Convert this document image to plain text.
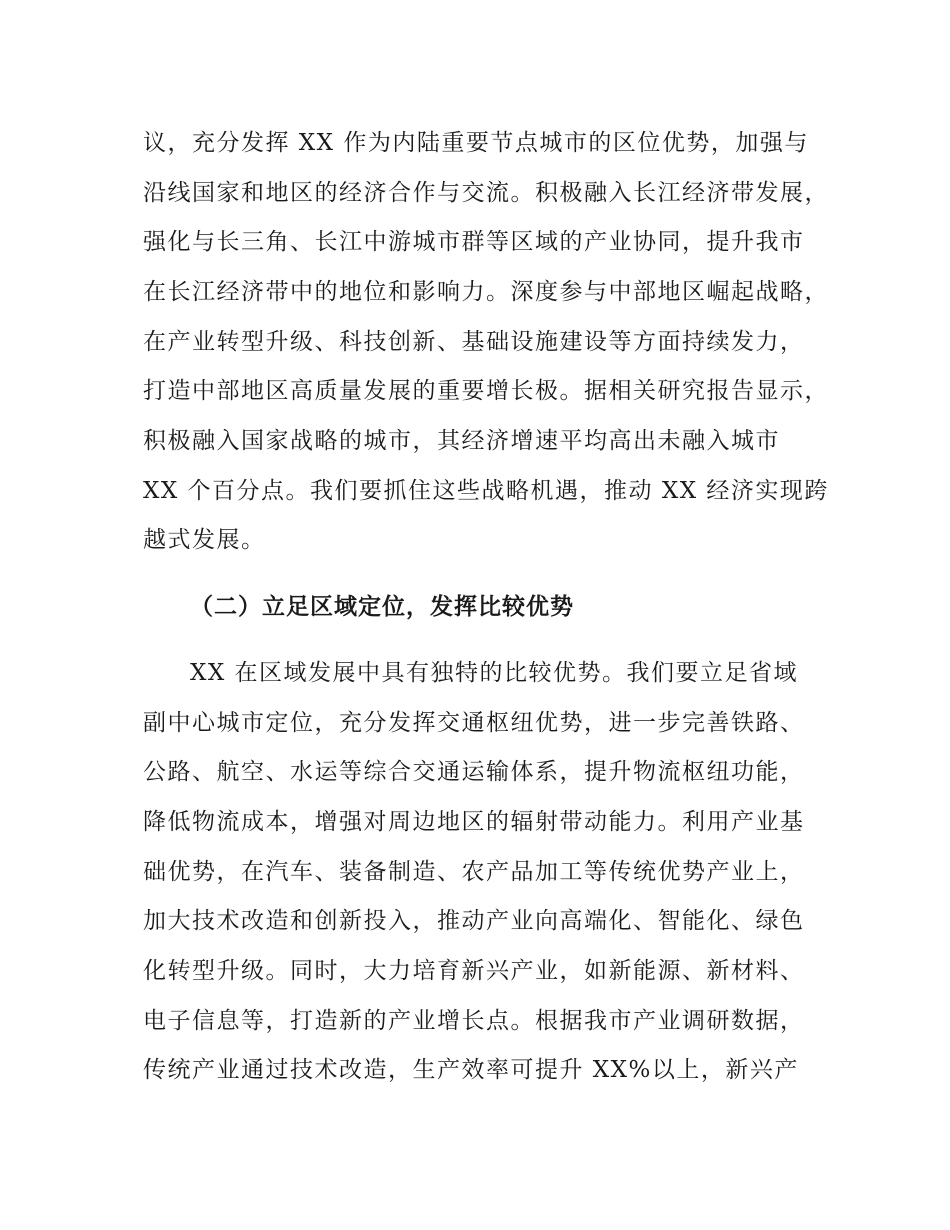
议，充分发挥 XX 作为内陆重要节点城市的区位优势，加强与
沿线国家和地区的经济合作与交流。积极融入长江经济带发展，
强化与长三角、长江中游城市群等区域的产业协同，提升我市
在长江经济带中的地位和影响力。深度参与中部地区崛起战略，
在产业转型升级、科技创新、基础设施建设等方面持续发力，
打造中部地区高质量发展的重要增长极。据相关研究报告显示，
积极融入国家战略的城市，其经济增速平均高出未融入城市
XX 个百分点。我们要抓住这些战略机遇，推动 XX 经济实现跨
越式发展。
（二）立足区域定位，发挥比较优势
XX 在区域发展中具有独特的比较优势。我们要立足省域
副中心城市定位，充分发挥交通枢纽优势，进一步完善铁路、
公路、航空、水运等综合交通运输体系，提升物流枢纽功能，
降低物流成本，增强对周边地区的辐射带动能力。利用产业基
础优势，在汽车、装备制造、农产品加工等传统优势产业上，
加大技术改造和创新投入，推动产业向高端化、智能化、绿色
化转型升级。同时，大力培育新兴产业，如新能源、新材料、
电子信息等，打造新的产业增长点。根据我市产业调研数据，
传统产业通过技术改造，生产效率可提升 XX%以上，新兴产
